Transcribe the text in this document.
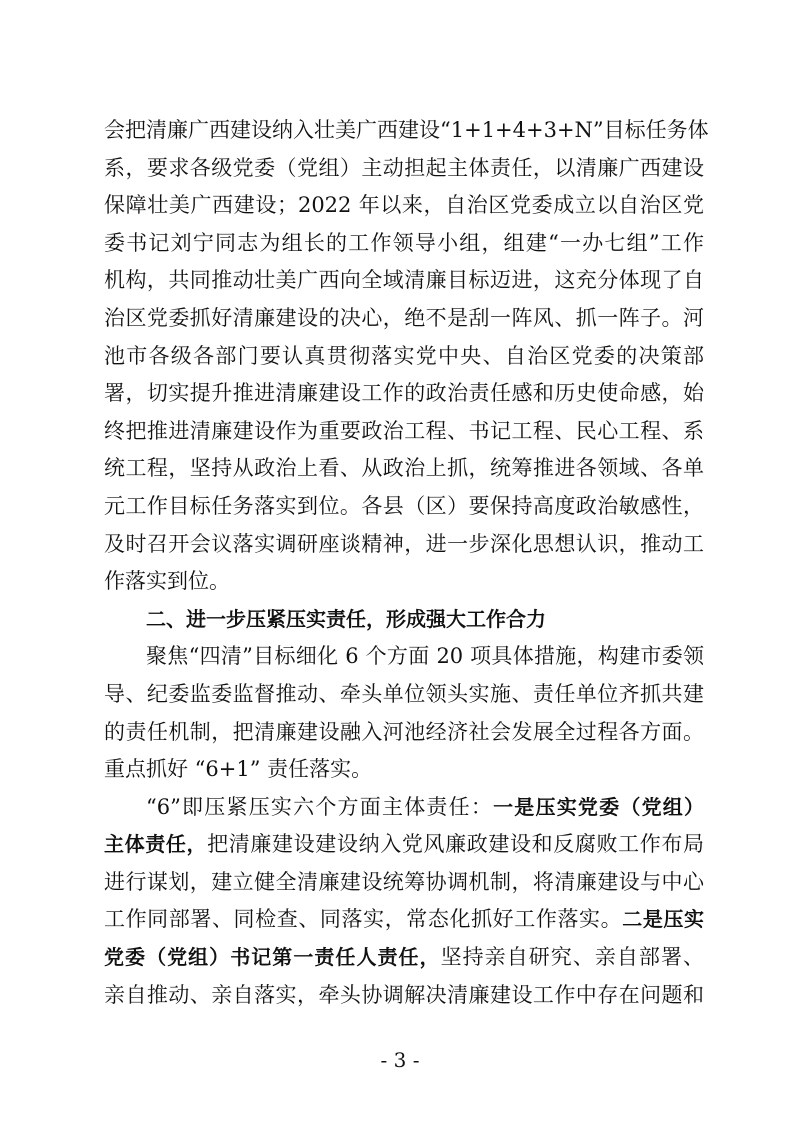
会把清廉广西建设纳入壮美广西建设“1+1+4+3+N”目标任务体
系，要求各级党委（党组）主动担起主体责任，以清廉广西建设
保障壮美广西建设；2022 年以来，自治区党委成立以自治区党
委书记刘宁同志为组长的工作领导小组，组建“一办七组”工作
机构，共同推动壮美广西向全域清廉目标迈进，这充分体现了自
治区党委抓好清廉建设的决心，绝不是刮一阵风、抓一阵子。河
池市各级各部门要认真贯彻落实党中央、自治区党委的决策部
署，切实提升推进清廉建设工作的政治责任感和历史使命感，始
终把推进清廉建设作为重要政治工程、书记工程、民心工程、系
统工程，坚持从政治上看、从政治上抓，统筹推进各领域、各单
元工作目标任务落实到位。各县（区）要保持高度政治敏感性，
及时召开会议落实调研座谈精神，进一步深化思想认识，推动工
作落实到位。
二、进一步压紧压实责任，形成强大工作合力
聚焦“四清”目标细化 6 个方面 20 项具体措施，构建市委领
导、纪委监委监督推动、牵头单位领头实施、责任单位齐抓共建
的责任机制，把清廉建设融入河池经济社会发展全过程各方面。
重点抓好 “6+1” 责任落实。
“6”即压紧压实六个方面主体责任：一是压实党委（党组）
主体责任，把清廉建设建设纳入党风廉政建设和反腐败工作布局
进行谋划，建立健全清廉建设统筹协调机制，将清廉建设与中心
工作同部署、同检查、同落实，常态化抓好工作落实。二是压实
党委（党组）书记第一责任人责任，坚持亲自研究、亲自部署、
亲自推动、亲自落实，牵头协调解决清廉建设工作中存在问题和
- 3 -
